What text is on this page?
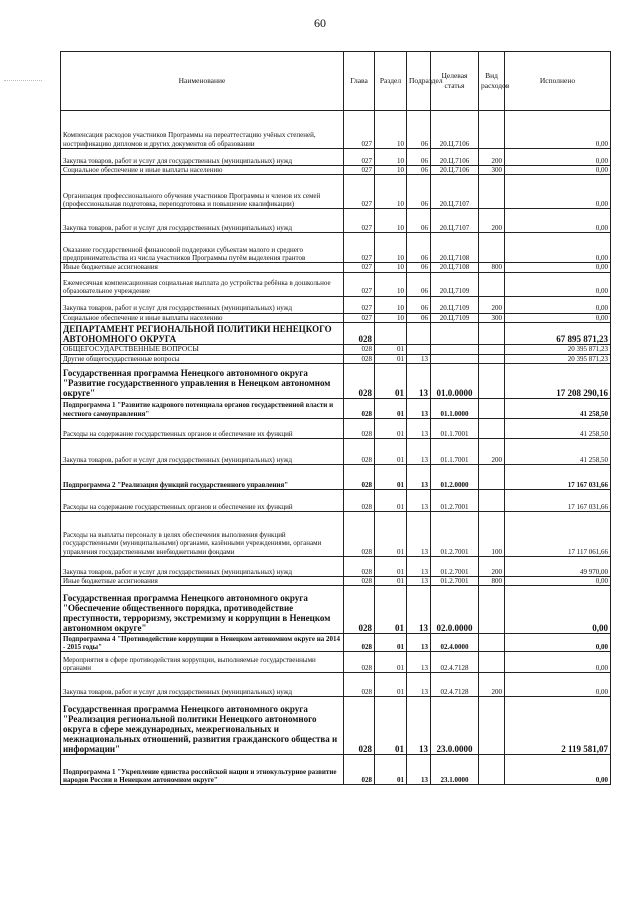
60
Наименование	Глава	Раздел	Подраздел	Целевая статья	Вид расходов	Исполнено
Компенсация расходов участников Программы на переаттестацию учёных степеней, нострификацию дипломов и других документов об образовании	027	10	06	20.Ц.7106		0,00
Закупка товаров, работ и услуг для государственных (муниципальных) нужд	027	10	06	20.Ц.7106	200	0,00
Социальное обеспечение и иные выплаты населению	027	10	06	20.Ц.7106	300	0,00
Организация профессионального обучения участников Программы и членов их семей (профессиональная подготовка, переподготовка и повышение квалификации)	027	10	06	20.Ц.7107		0,00
Закупка товаров, работ и услуг для государственных (муниципальных) нужд	027	10	06	20.Ц.7107	200	0,00
Оказание государственной финансовой поддержки субъектам малого и среднего предпринимательства из числа участников Программы путём выделения грантов	027	10	06	20.Ц.7108		0,00
Иные бюджетные ассигнования	027	10	06	20.Ц.7108	800	0,00
Ежемесячная компенсационная социальная выплата до устройства ребёнка в дошкольное образовательное учреждение	027	10	06	20.Ц.7109		0,00
Закупка товаров, работ и услуг для государственных (муниципальных) нужд	027	10	06	20.Ц.7109	200	0,00
Социальное обеспечение и иные выплаты населению	027	10	06	20.Ц.7109	300	0,00
ДЕПАРТАМЕНТ РЕГИОНАЛЬНОЙ ПОЛИТИКИ НЕНЕЦКОГО АВТОНОМНОГО ОКРУГА	028					67 895 871,23
ОБЩЕГОСУДАРСТВЕННЫЕ ВОПРОСЫ	028	01				20 395 871,23
Другие общегосударственные вопросы	028	01	13			20 395 871,23
Государственная программа Ненецкого автономного округа "Развитие государственного управления в Ненецком автономном округе"	028	01	13	01.0.0000		17 208 290,16
Подпрограмма 1 "Развитие кадрового потенциала органов государственной власти и местного самоуправления"	028	01	13	01.1.0000		41 258,50
Расходы на содержание государственных органов и обеспечение их функций	028	01	13	01.1.7001		41 258,50
Закупка товаров, работ и услуг для государственных (муниципальных) нужд	028	01	13	01.1.7001	200	41 258,50
Подпрограмма 2 "Реализация функций государственного управления"	028	01	13	01.2.0000		17 167 031,66
Расходы на содержание государственных органов и обеспечение их функций	028	01	13	01.2.7001		17 167 031,66
Расходы на выплаты персоналу в целях обеспечения выполнения функций государственными (муниципальными) органами, казёнными учреждениями, органами управления государственными внебюджетными фондами	028	01	13	01.2.7001	100	17 117 061,66
Закупка товаров, работ и услуг для государственных (муниципальных) нужд	028	01	13	01.2.7001	200	49 970,00
Иные бюджетные ассигнования	028	01	13	01.2.7001	800	0,00
Государственная программа Ненецкого автономного округа "Обеспечение общественного порядка, противодействие преступности, терроризму, экстремизму и коррупции в Ненецком автономном округе"	028	01	13	02.0.0000		0,00
Подпрограмма 4 "Противодействие коррупции в Ненецком автономном округе на 2014 - 2015 годы"	028	01	13	02.4.0000		0,00
Мероприятия в сфере противодействия коррупции, выполняемые государственными органами	028	01	13	02.4.7128		0,00
Закупка товаров, работ и услуг для государственных (муниципальных) нужд	028	01	13	02.4.7128	200	0,00
Государственная программа Ненецкого автономного округа "Реализация региональной политики Ненецкого автономного округа в сфере международных, межрегиональных и межнациональных отношений, развития гражданского общества и информации"	028	01	13	23.0.0000		2 119 581,07
Подпрограмма 1 "Укрепление единства российской нации и этнокультурное развитие народов России в Ненецком автономном округе"	028	01	13	23.1.0000		0,00
